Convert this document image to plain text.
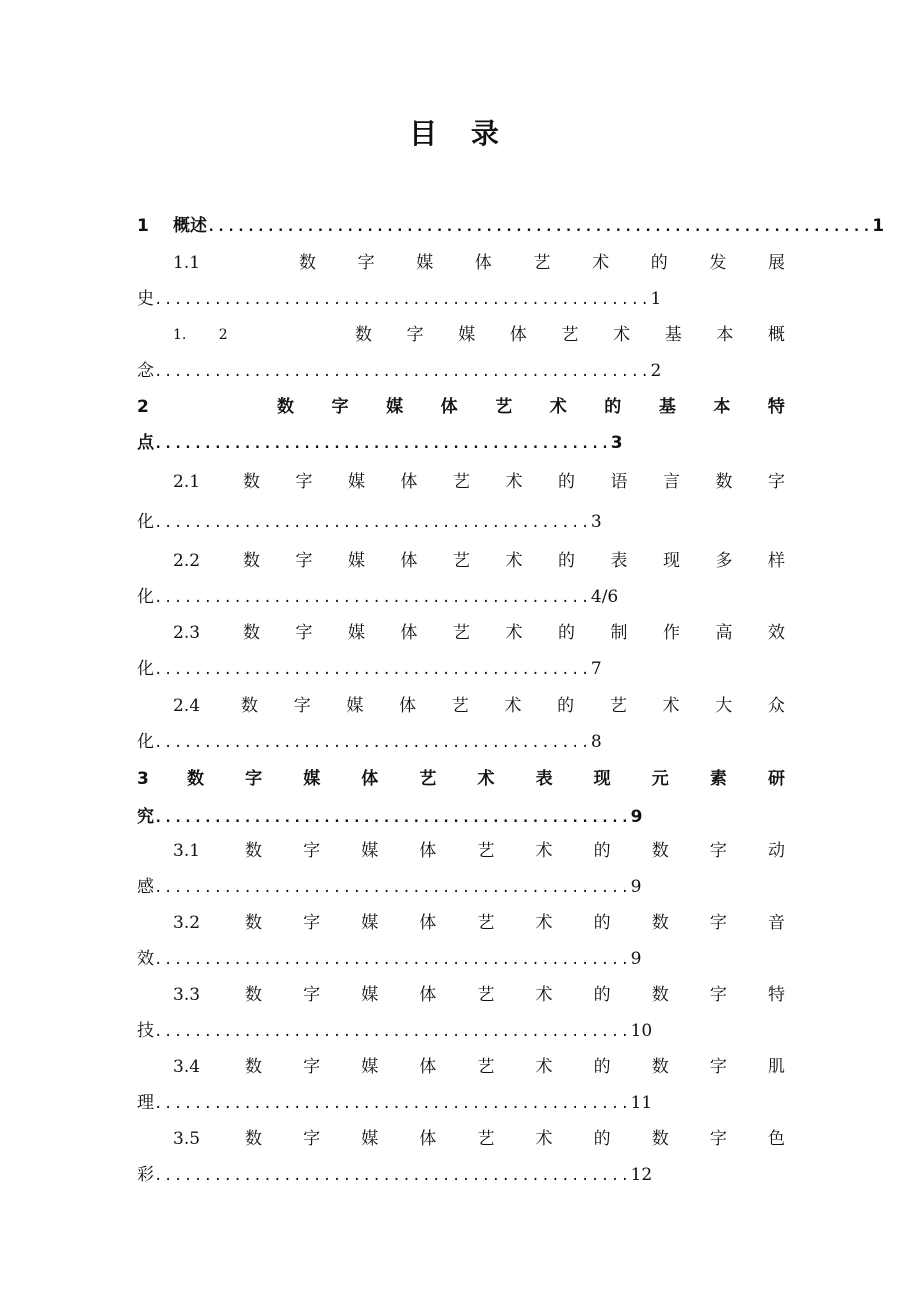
目 录
1 概述...................................................................1
1.1	数 字 媒 体 艺 术 的 发 展
史..................................................1
1. 2	数 字 媒 体 艺 术 基 本 概
念..................................................2
2	数 字 媒 体 艺 术 的 基 本 特
点..............................................3
2.1	数 字 媒 体 艺 术 的 语 言 数 字
化............................................3
2.2	数 字 媒 体 艺 术 的 表 现 多 样
化............................................4/6
2.3	数 字 媒 体 艺 术 的 制 作 高 效
化............................................7
2.4	数 字 媒 体 艺 术 的 艺 术 大 众
化............................................8
3	数 字 媒 体 艺 术 表 现 元 素 研
究................................................9
3.1	数 字 媒 体 艺 术 的 数 字 动
感................................................9
3.2	数 字 媒 体 艺 术 的 数 字 音
效................................................9
3.3	数 字 媒 体 艺 术 的 数 字 特
技................................................10
3.4	数 字 媒 体 艺 术 的 数 字 肌
理................................................11
3.5	数 字 媒 体 艺 术 的 数 字 色
彩................................................12
